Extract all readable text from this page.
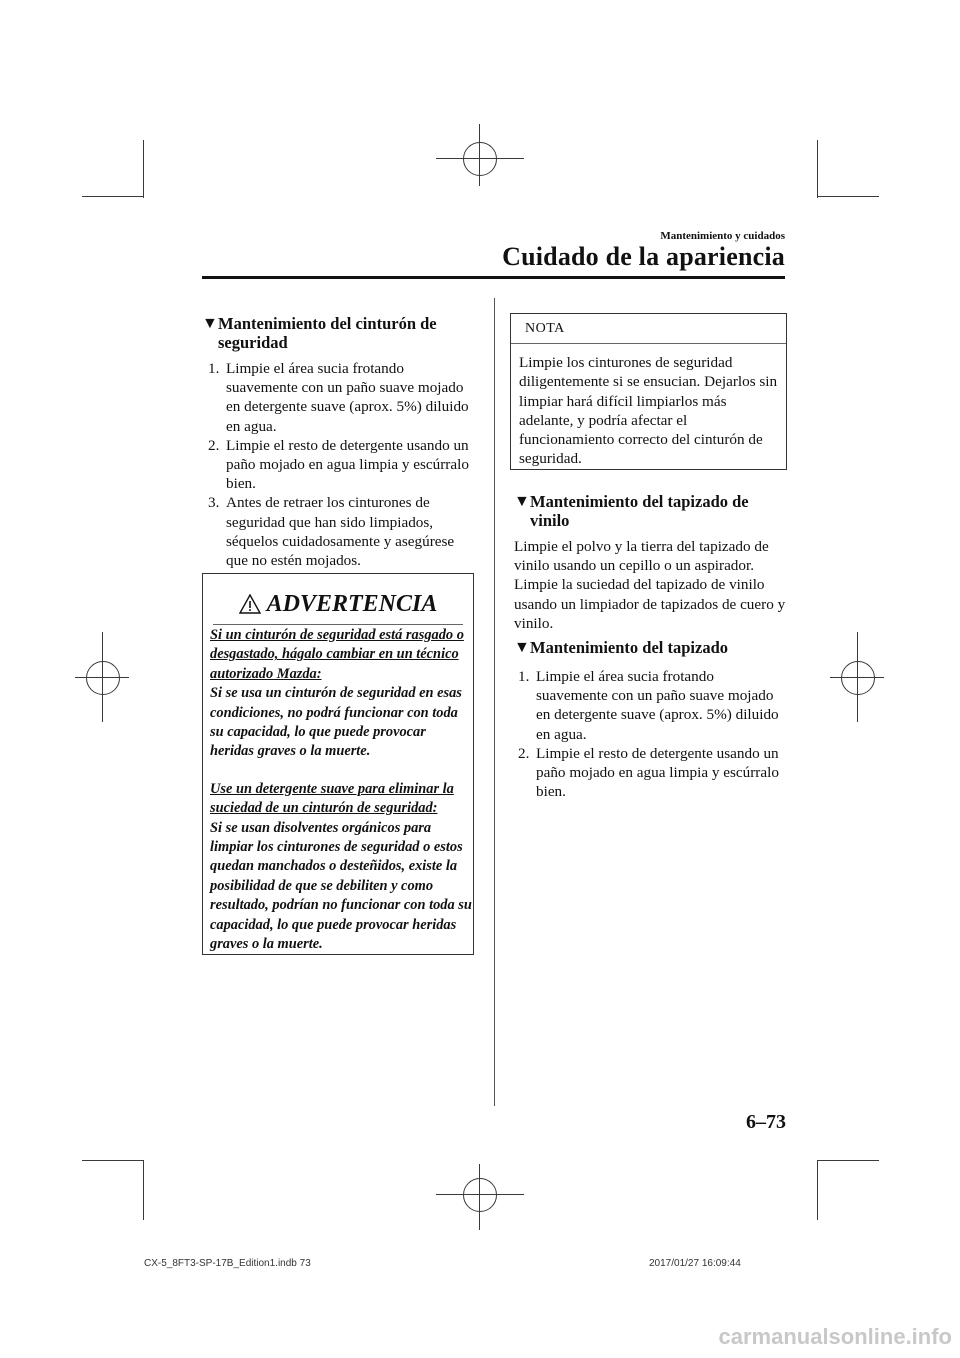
Mantenimiento y cuidados
Cuidado de la apariencia
▼ Mantenimiento del cinturón de seguridad
1. Limpie el área sucia frotando suavemente con un paño suave mojado en detergente suave (aprox. 5%) diluido en agua.
2. Limpie el resto de detergente usando un paño mojado en agua limpia y escúrralo bien.
3. Antes de retraer los cinturones de seguridad que han sido limpiados, séquelos cuidadosamente y asegúrese que no estén mojados.
ADVERTENCIA

Si un cinturón de seguridad está rasgado o desgastado, hágalo cambiar en un técnico autorizado Mazda:

Si se usa un cinturón de seguridad en esas condiciones, no podrá funcionar con toda su capacidad, lo que puede provocar heridas graves o la muerte.

Use un detergente suave para eliminar la suciedad de un cinturón de seguridad:

Si se usan disolventes orgánicos para limpiar los cinturones de seguridad o estos quedan manchados o desteñidos, existe la posibilidad de que se debiliten y como resultado, podrían no funcionar con toda su capacidad, lo que puede provocar heridas graves o la muerte.

NOTA
Limpie los cinturones de seguridad diligentemente si se ensucian. Dejarlos sin limpiar hará difícil limpiarlos más adelante, y podría afectar el funcionamiento correcto del cinturón de seguridad.
▼ Mantenimiento del tapizado de vinilo

Limpie el polvo y la tierra del tapizado de vinilo usando un cepillo o un aspirador. Limpie la suciedad del tapizado de vinilo usando un limpiador de tapizados de cuero y vinilo.

▼ Mantenimiento del tapizado
1. Limpie el área sucia frotando suavemente con un paño suave mojado en detergente suave (aprox. 5%) diluido en agua.
2. Limpie el resto de detergente usando un paño mojado en agua limpia y escúrralo bien.
6–73
CX-5_8FT3-SP-17B_Edition1.indb 73	2017/01/27 16:09:44
carmanualsonline.info
